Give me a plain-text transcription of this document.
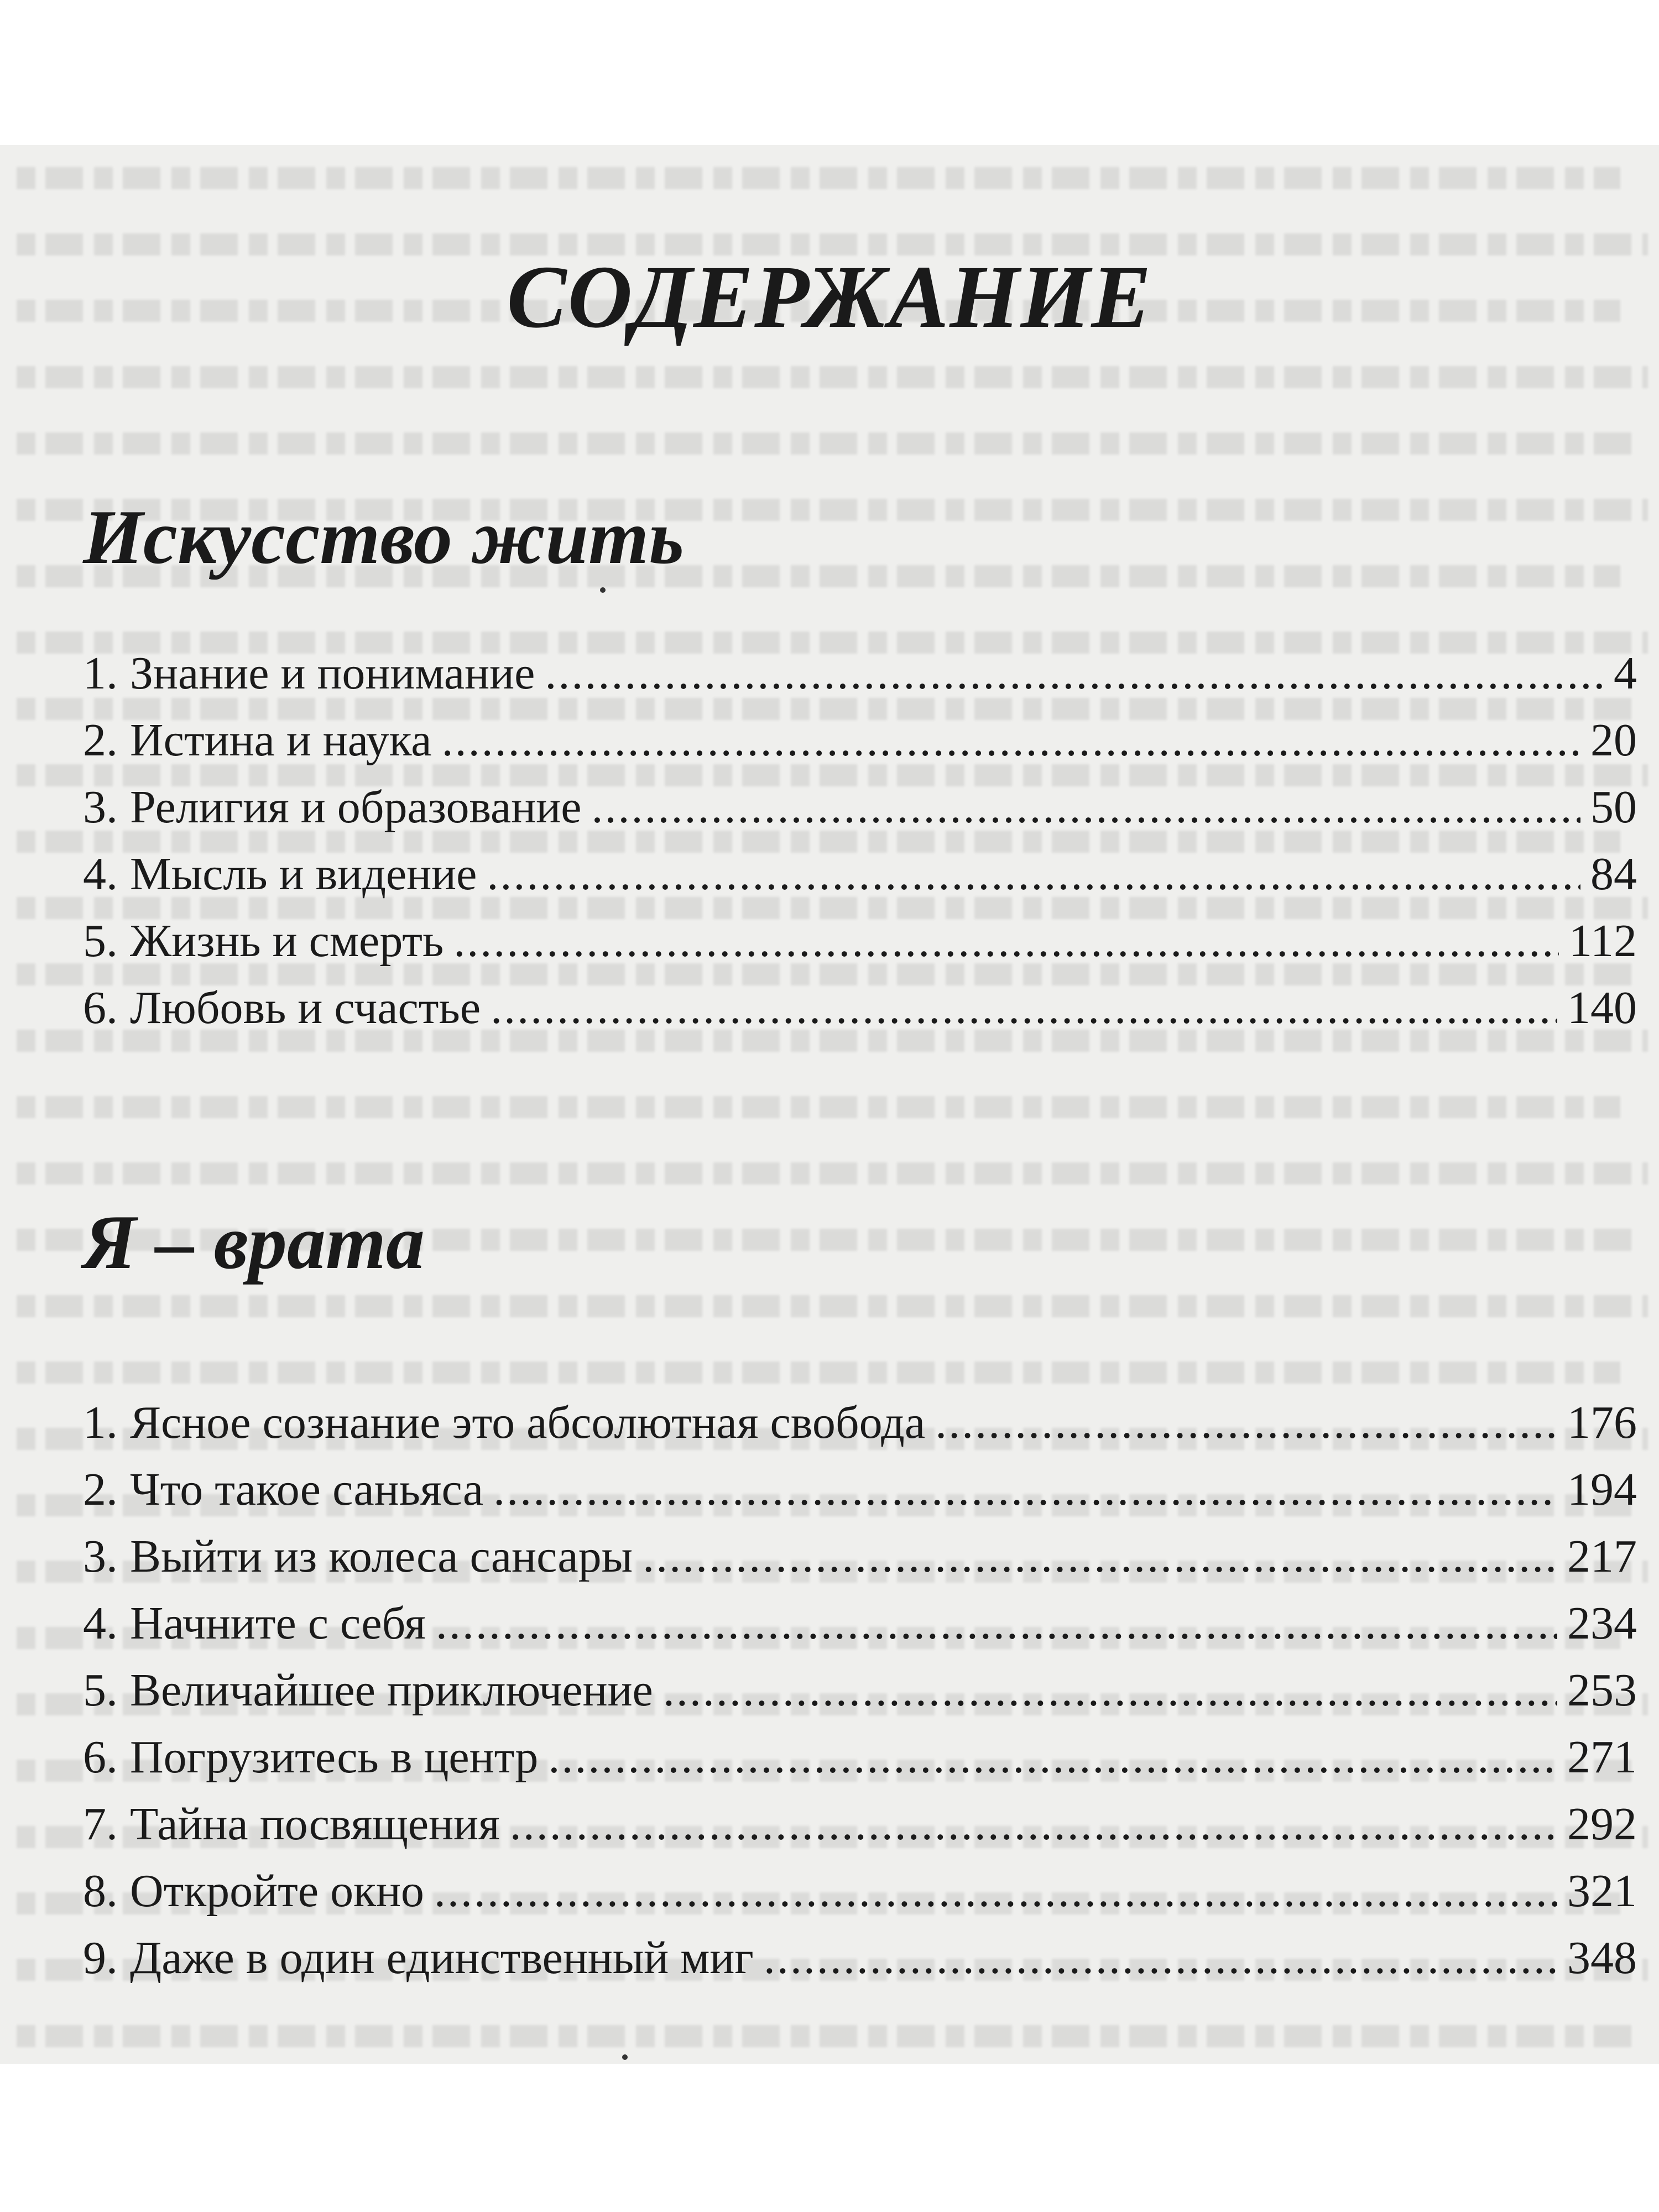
СОДЕРЖАНИЕ
Искусство жить
1. Знание и понимание .....	4
2. Истина и наука .....	20
3. Религия и образование .....	50
4. Мысль и видение .....	84
5. Жизнь и смерть .....	112
6. Любовь и счастье .....	140
Я – врата
1. Ясное сознание это абсолютная свобода .....	176
2. Что такое саньяса .....	194
3. Выйти из колеса сансары .....	217
4. Начните с себя .....	234
5. Величайшее приключение .....	253
6. Погрузитесь в центр .....	271
7. Тайна посвящения .....	292
8. Откройте окно .....	321
9. Даже в один единственный миг .....	348
